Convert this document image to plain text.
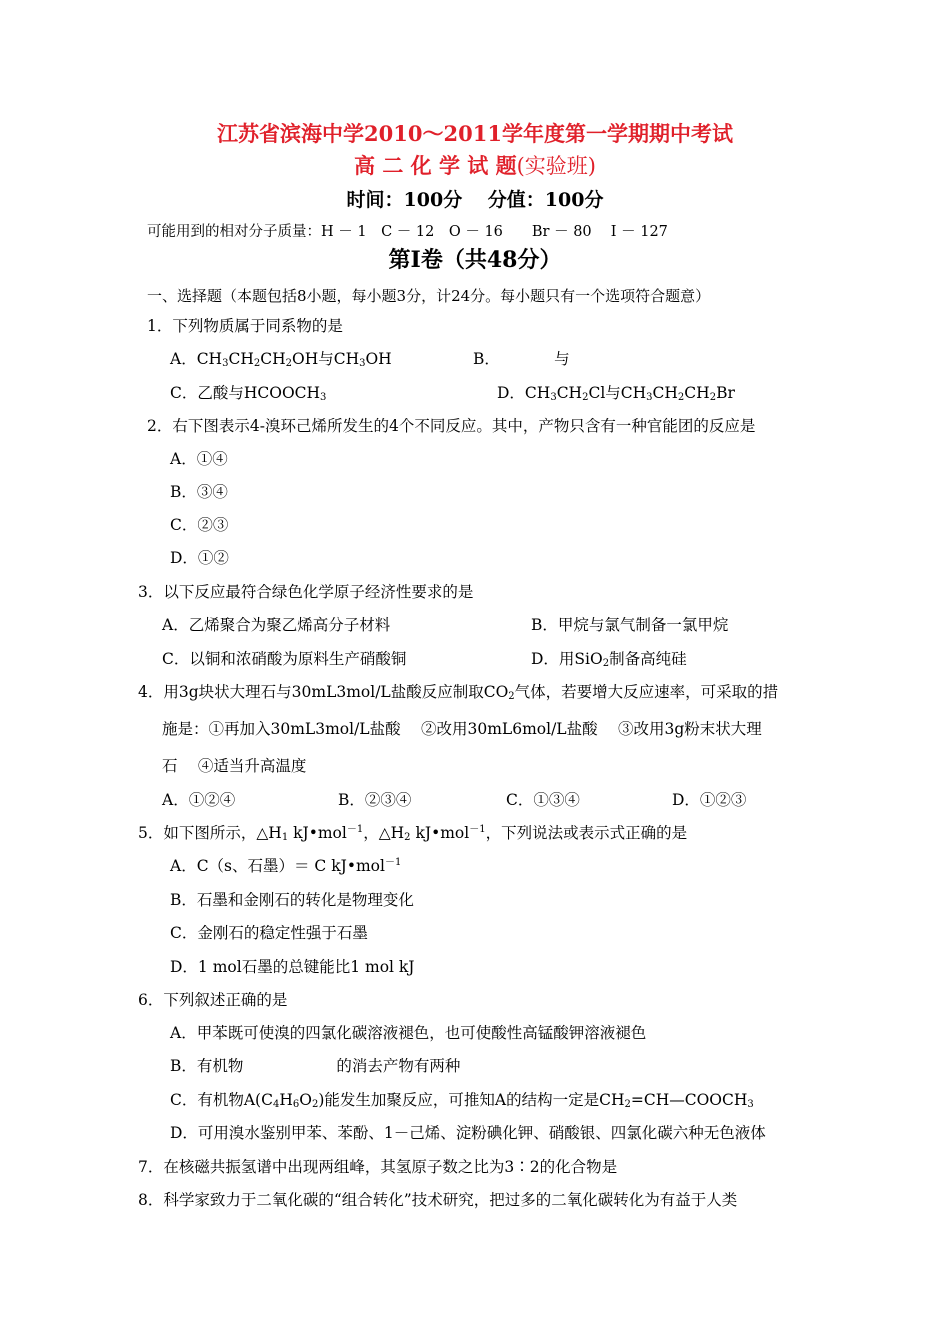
江苏省滨海中学2010～2011学年度第一学期期中考试
高 二 化 学 试 题(实验班)
时间：100分　 分值：100分
可能用到的相对分子质量：H － 1　C － 12　O － 16　　Br － 80　 I － 127
第Ⅰ卷（共48分）
一、选择题（本题包括8小题，每小题3分，计24分。每小题只有一个选项符合题意）
1．下列物质属于同系物的是
A．$CH_3CH_2CH_2OH$与$CH_3OH$	B．　　　　与
C．乙酸与$HCOOCH_3$	D．$CH_3CH_2Cl$与$CH_3CH_2CH_2Br$
2．右下图表示4-溴环己烯所发生的4个不同反应。其中，产物只含有一种官能团的反应是
A．①④
B．③④
C．②③
D．①②
3．以下反应最符合绿色化学原子经济性要求的是
A．乙烯聚合为聚乙烯高分子材料	B．甲烷与氯气制备一氯甲烷
C．以铜和浓硝酸为原料生产硝酸铜	D．用SiO$_2$制备高纯硅
4．用3g块状大理石与30mL3mol/L盐酸反应制取$CO_2$气体，若要增大反应速率，可采取的措
施是：①再加入30mL3mol/L盐酸　 ②改用30mL6mol/L盐酸　 ③改用3g粉末状大理
石　 ④适当升高温度
A．①②④	B．②③④	C．①③④	D．①②③
5．如下图所示，$\triangle H_1$ kJ•mol$^{-1}$，$\triangle H_2$ kJ•mol$^{-1}$，下列说法或表示式正确的是
A．C（s、石墨）＝ C kJ•mol$^{-1}$
B．石墨和金刚石的转化是物理变化
C．金刚石的稳定性强于石墨
D．1 mol石墨的总键能比1 mol kJ
6．下列叙述正确的是
A．甲苯既可使溴的四氯化碳溶液褪色，也可使酸性高锰酸钾溶液褪色
B．有机物　　　　　　的消去产物有两种
C．有机物$A(C_4H_6O_2)$能发生加聚反应，可推知A的结构一定是$CH_2=CH—COOCH_3$
D．可用溴水鉴别甲苯、苯酚、1－己烯、淀粉碘化钾、硝酸银、四氯化碳六种无色液体
7．在核磁共振氢谱中出现两组峰，其氢原子数之比为3∶2的化合物是
8．科学家致力于二氧化碳的“组合转化”技术研究，把过多的二氧化碳转化为有益于人类
